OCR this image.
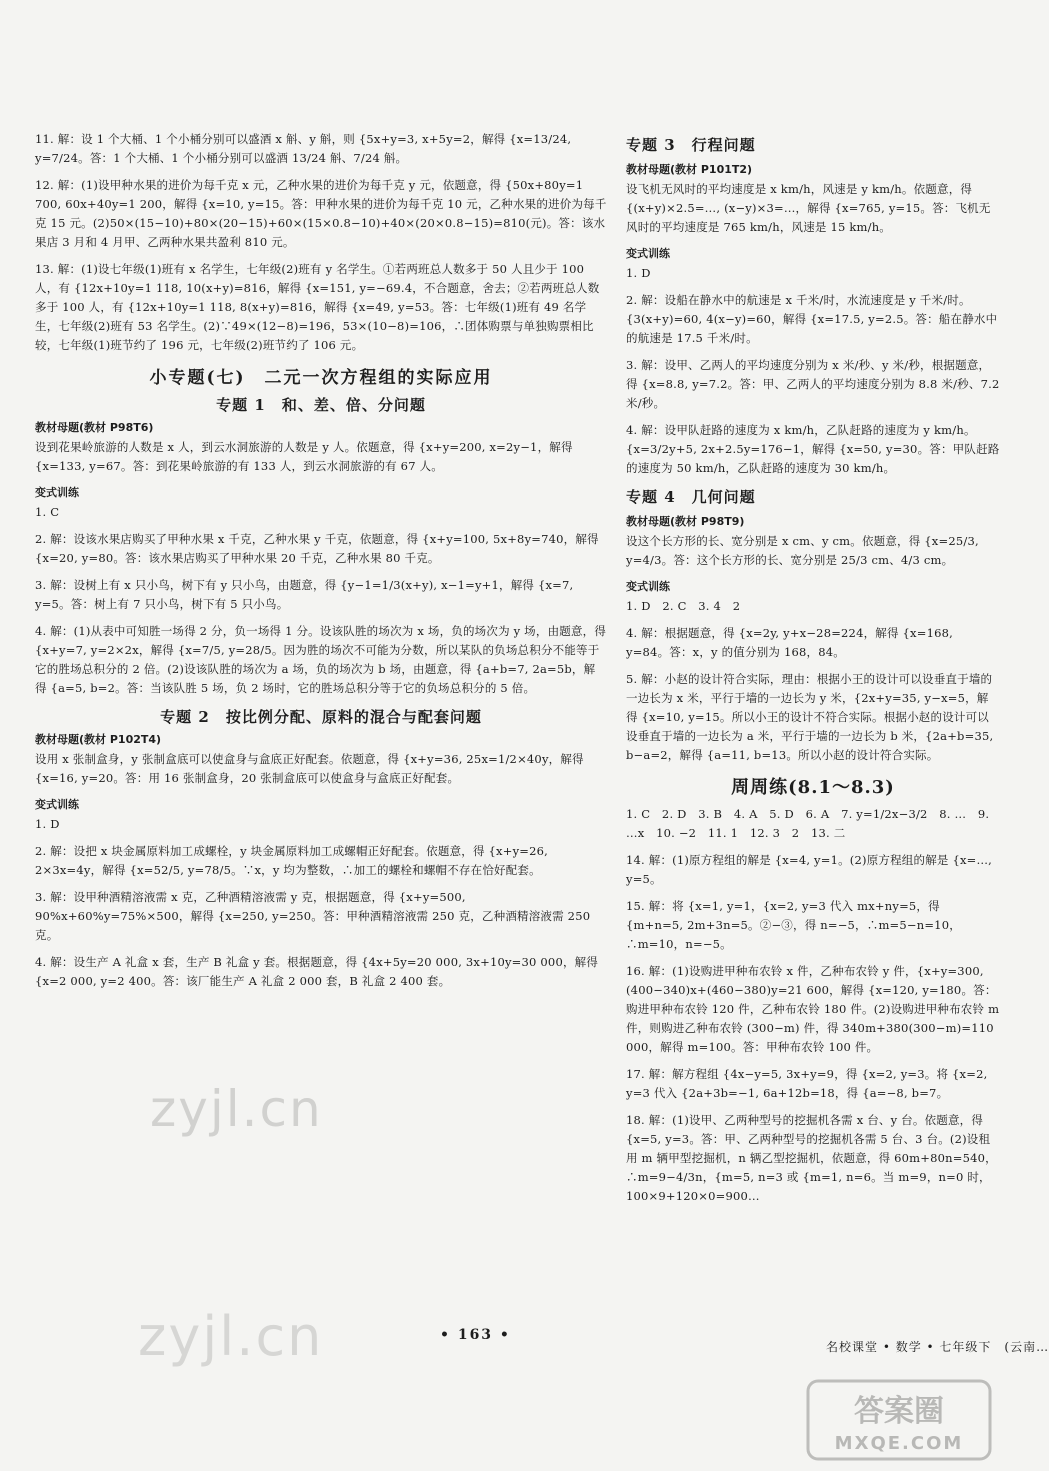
11. 解：设 1 个大桶、1 个小桶分别可以盛酒 x 斛、y 斛，则 {5x+y=3, x+5y=2，解得 {x=13/24, y=7/24。答：1 个大桶、1 个小桶分别可以盛酒 13/24 斛、7/24 斛。
12. 解：(1)设甲种水果的进价为每千克 x 元，乙种水果的进价为每千克 y 元，依题意，得 {50x+80y=1 700, 60x+40y=1 200，解得 {x=10, y=15。答：甲种水果的进价为每千克 10 元，乙种水果的进价为每千克 15 元。(2)50×(15−10)+80×(20−15)+60×(15×0.8−10)+40×(20×0.8−15)=810(元)。答：该水果店 3 月和 4 月甲、乙两种水果共盈利 810 元。
13. 解：(1)设七年级(1)班有 x 名学生，七年级(2)班有 y 名学生。①若两班总人数多于 50 人且少于 100 人，有 {12x+10y=1 118, 10(x+y)=816，解得 {x=151, y=−69.4，不合题意，舍去；②若两班总人数多于 100 人，有 {12x+10y=1 118, 8(x+y)=816，解得 {x=49, y=53。答：七年级(1)班有 49 名学生，七年级(2)班有 53 名学生。(2)∵49×(12−8)=196，53×(10−8)=106，∴团体购票与单独购票相比较，七年级(1)班节约了 196 元，七年级(2)班节约了 106 元。
小专题(七)　二元一次方程组的实际应用
专题 1　和、差、倍、分问题
教材母题(教材 P98T6)
设到花果岭旅游的人数是 x 人，到云水洞旅游的人数是 y 人。依题意，得 {x+y=200, x=2y−1，解得 {x=133, y=67。答：到花果岭旅游的有 133 人，到云水洞旅游的有 67 人。
变式训练
1. C
2. 解：设该水果店购买了甲种水果 x 千克，乙种水果 y 千克，依题意，得 {x+y=100, 5x+8y=740，解得 {x=20, y=80。答：该水果店购买了甲种水果 20 千克，乙种水果 80 千克。
3. 解：设树上有 x 只小鸟，树下有 y 只小鸟，由题意，得 {y−1=1/3(x+y), x−1=y+1，解得 {x=7, y=5。答：树上有 7 只小鸟，树下有 5 只小鸟。
4. 解：(1)从表中可知胜一场得 2 分，负一场得 1 分。设该队胜的场次为 x 场，负的场次为 y 场，由题意，得 {x+y=7, y=2×2x，解得 {x=7/5, y=28/5。因为胜的场次不可能为分数，所以某队的负场总积分不能等于它的胜场总积分的 2 倍。(2)设该队胜的场次为 a 场，负的场次为 b 场，由题意，得 {a+b=7, 2a=5b，解得 {a=5, b=2。答：当该队胜 5 场，负 2 场时，它的胜场总积分等于它的负场总积分的 5 倍。
专题 2　按比例分配、原料的混合与配套问题
教材母题(教材 P102T4)
设用 x 张制盒身，y 张制盒底可以使盒身与盒底正好配套。依题意，得 {x+y=36, 25x=1/2×40y，解得 {x=16, y=20。答：用 16 张制盒身，20 张制盒底可以使盒身与盒底正好配套。
变式训练
1. D
2. 解：设把 x 块金属原料加工成螺栓，y 块金属原料加工成螺帽正好配套。依题意，得 {x+y=26, 2×3x=4y，解得 {x=52/5, y=78/5。∵x，y 均为整数，∴加工的螺栓和螺帽不存在恰好配套。
3. 解：设甲种酒精溶液需 x 克，乙种酒精溶液需 y 克，根据题意，得 {x+y=500, 90%x+60%y=75%×500，解得 {x=250, y=250。答：甲种酒精溶液需 250 克，乙种酒精溶液需 250 克。
4. 解：设生产 A 礼盒 x 套，生产 B 礼盒 y 套。根据题意，得 {4x+5y=20 000, 3x+10y=30 000，解得 {x=2 000, y=2 400。答：该厂能生产 A 礼盒 2 000 套，B 礼盒 2 400 套。
专题 3　行程问题
教材母题(教材 P101T2)
设飞机无风时的平均速度是 x km/h，风速是 y km/h。依题意，得 {(x+y)×2.5=…, (x−y)×3=…，解得 {x=765, y=15。答：飞机无风时的平均速度是 765 km/h，风速是 15 km/h。
变式训练
1. D
2. 解：设船在静水中的航速是 x 千米/时，水流速度是 y 千米/时。{3(x+y)=60, 4(x−y)=60，解得 {x=17.5, y=2.5。答：船在静水中的航速是 17.5 千米/时。
3. 解：设甲、乙两人的平均速度分别为 x 米/秒、y 米/秒，根据题意，得 {x=8.8, y=7.2。答：甲、乙两人的平均速度分别为 8.8 米/秒、7.2 米/秒。
4. 解：设甲队赶路的速度为 x km/h，乙队赶路的速度为 y km/h。{x=3/2y+5, 2x+2.5y=176−1，解得 {x=50, y=30。答：甲队赶路的速度为 50 km/h，乙队赶路的速度为 30 km/h。
专题 4　几何问题
教材母题(教材 P98T9)
设这个长方形的长、宽分别是 x cm、y cm。依题意，得 {x=25/3, y=4/3。答：这个长方形的长、宽分别是 25/3 cm、4/3 cm。
变式训练
1. D　2. C　3. 4　2
4. 解：根据题意，得 {x=2y, y+x−28=224，解得 {x=168, y=84。答：x，y 的值分别为 168，84。
5. 解：小赵的设计符合实际，理由：根据小王的设计可以设垂直于墙的一边长为 x 米，平行于墙的一边长为 y 米，{2x+y=35, y−x=5，解得 {x=10, y=15。所以小王的设计不符合实际。根据小赵的设计可以设垂直于墙的一边长为 a 米，平行于墙的一边长为 b 米，{2a+b=35, b−a=2，解得 {a=11, b=13。所以小赵的设计符合实际。
周周练(8.1～8.3)
1. C　2. D　3. B　4. A　5. D　6. A　7. y=1/2x−3/2　8. …　9. …x　10. −2　11. 1　12. 3　2　13. 二
14. 解：(1)原方程组的解是 {x=4, y=1。(2)原方程组的解是 {x=…, y=5。
15. 解：将 {x=1, y=1，{x=2, y=3 代入 mx+ny=5，得 {m+n=5, 2m+3n=5。②−③，得 n=−5，∴m=5−n=10，∴m=10，n=−5。
16. 解：(1)设购进甲种布农铃 x 件，乙种布农铃 y 件，{x+y=300, (400−340)x+(460−380)y=21 600，解得 {x=120, y=180。答：购进甲种布农铃 120 件，乙种布农铃 180 件。(2)设购进甲种布农铃 m 件，则购进乙种布农铃 (300−m) 件，得 340m+380(300−m)=110 000，解得 m=100。答：甲种布农铃 100 件。
17. 解：解方程组 {4x−y=5, 3x+y=9，得 {x=2, y=3。将 {x=2, y=3 代入 {2a+3b=−1, 6a+12b=18，得 {a=−8, b=7。
18. 解：(1)设甲、乙两种型号的挖掘机各需 x 台、y 台。依题意，得 {x=5, y=3。答：甲、乙两种型号的挖掘机各需 5 台、3 台。(2)设租用 m 辆甲型挖掘机，n 辆乙型挖掘机，依题意，得 60m+80n=540，∴m=9−4/3n，{m=5, n=3 或 {m=1, n=6。当 m=9，n=0 时，100×9+120×0=900…
zyjl.cn
zyjl.cn	• 163 •
名校课堂 • 数学 • 七年级下　(云南…
答案圈
MXQE.COM
